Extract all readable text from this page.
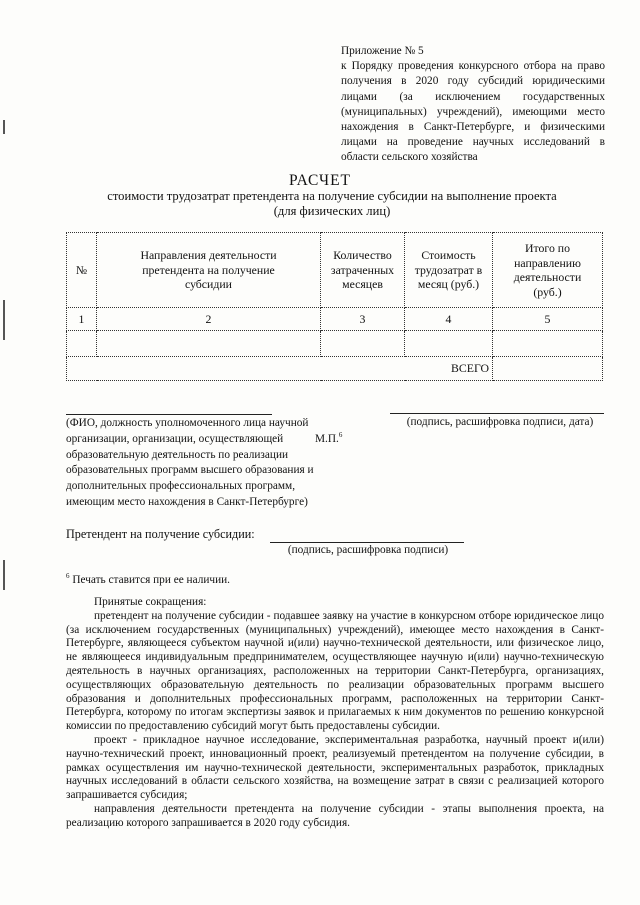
Приложение № 5
к Порядку проведения конкурсного отбора на право получения в 2020 году субсидий юридическими лицами (за исключением государственных (муниципальных) учреждений), имеющими место нахождения в Санкт-Петербурге, и физическими лицами на проведение научных исследований в области сельского хозяйства
РАСЧЕТ
стоимости трудозатрат претендента на получение субсидии на выполнение проекта
(для физических лиц)
№	Направления деятельности претендента на получение субсидии	Количество затраченных месяцев	Стоимость трудозатрат в месяц (руб.)	Итого по направлению деятельности (руб.)
1	2	3	4	5

ВСЕГО				
(ФИО, должность уполномоченного лица научной организации, организации, осуществляющей образовательную деятельность по реализации образовательных программ высшего образования и дополнительных профессиональных программ, имеющим место нахождения в Санкт-Петербурге)
М.П.$^6$
(подпись, расшифровка подписи, дата)
Претендент на получение субсидии:
(подпись, расшифровка подписи)
$^6$ Печать ставится при ее наличии.

Принятые сокращения:

претендент на получение субсидии - подавшее заявку на участие в конкурсном отборе юридическое лицо (за исключением государственных (муниципальных) учреждений), имеющее место нахождения в Санкт-Петербурге, являющееся субъектом научной и(или) научно-технической деятельности, или физическое лицо, не являющееся индивидуальным предпринимателем, осуществляющее научную и(или) научно-техническую деятельность в научных организациях, расположенных на территории Санкт-Петербурга, организациях, осуществляющих образовательную деятельность по реализации образовательных программ высшего образования и дополнительных профессиональных программ, расположенных на территории Санкт-Петербурга, которому по итогам экспертизы заявок и прилагаемых к ним документов по решению конкурсной комиссии по предоставлению субсидий могут быть предоставлены субсидии.

проект - прикладное научное исследование, экспериментальная разработка, научный проект и(или) научно-технический проект, инновационный проект, реализуемый претендентом на получение субсидии, в рамках осуществления им научно-технической деятельности, экспериментальных разработок, прикладных научных исследований в области сельского хозяйства, на возмещение затрат в связи с реализацией которого запрашивается субсидия;

направления деятельности претендента на получение субсидии - этапы выполнения проекта, на реализацию которого запрашивается в 2020 году субсидия.
